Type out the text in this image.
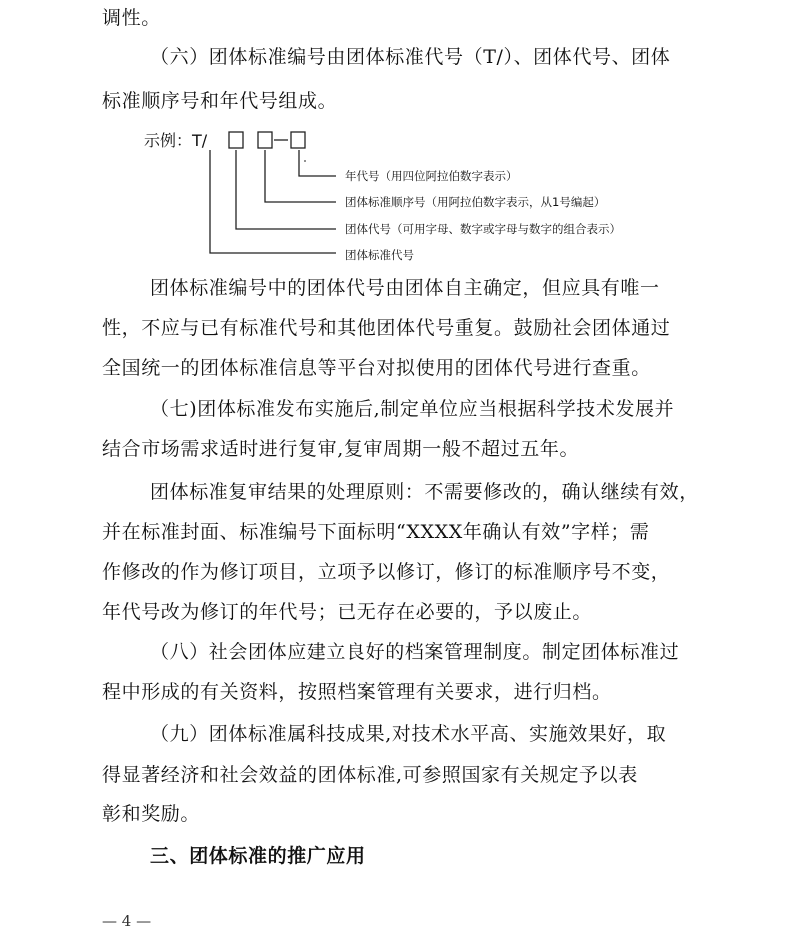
调性。
（六）团体标准编号由团体标准代号（T/）、团体代号、团体
标准顺序号和年代号组成。
示例：T/
年代号（用四位阿拉伯数字表示）
团体标准顺序号（用阿拉伯数字表示，从1号编起）
团体代号（可用字母、数字或字母与数字的组合表示）
团体标准代号
团体标准编号中的团体代号由团体自主确定，但应具有唯一
性，不应与已有标准代号和其他团体代号重复。鼓励社会团体通过
全国统一的团体标准信息等平台对拟使用的团体代号进行查重。
（七)团体标准发布实施后,制定单位应当根据科学技术发展并
结合市场需求适时进行复审,复审周期一般不超过五年。
团体标准复审结果的处理原则：不需要修改的，确认继续有效，
并在标准封面、标准编号下面标明“XXXX年确认有效”字样；需
作修改的作为修订项目，立项予以修订，修订的标准顺序号不变，
年代号改为修订的年代号；已无存在必要的，予以废止。
（八）社会团体应建立良好的档案管理制度。制定团体标准过
程中形成的有关资料，按照档案管理有关要求，进行归档。
（九）团体标准属科技成果,对技术水平高、实施效果好，取
得显著经济和社会效益的团体标准,可参照国家有关规定予以表
彰和奖励。
三、团体标准的推广应用
— 4 —
